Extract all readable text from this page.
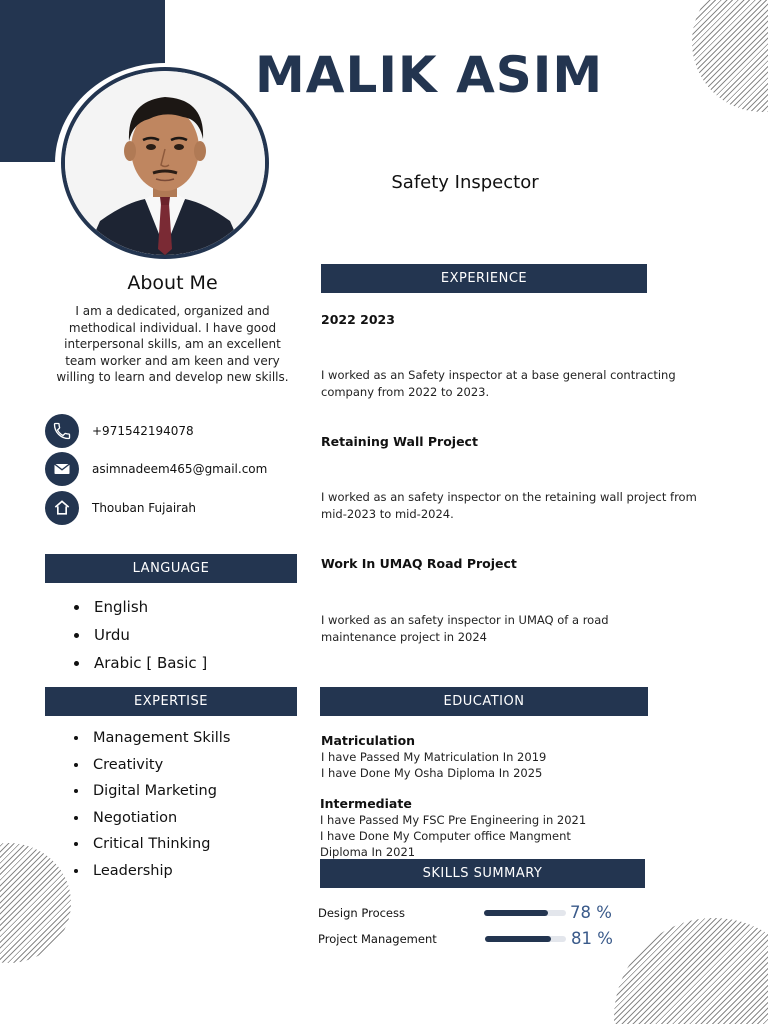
MALIK ASIM
Safety Inspector
About Me
I am a dedicated, organized and methodical individual. I have good interpersonal skills, am an excellent team worker and am keen and very willing to learn and develop new skills.
+971542194078
asimnadeem465@gmail.com
Thouban Fujairah
LANGUAGE
• English
• Urdu
• Arabic [ Basic ]
EXPERTISE
• Management Skills
• Creativity
• Digital Marketing
• Negotiation
• Critical Thinking
• Leadership
EXPERIENCE
2022 2023
I worked as an Safety inspector at a base general contracting company from 2022 to 2023.
Retaining Wall Project
I worked as an safety inspector on the retaining wall project from mid-2023 to mid-2024.
Work In UMAQ Road Project
I worked as an safety inspector in UMAQ of a road maintenance project in 2024
EDUCATION
Matriculation
I have Passed My Matriculation In 2019
I have Done My Osha Diploma In 2025
Intermediate
I have Passed My FSC Pre Engineering in 2021
I have Done My Computer office Mangment
Diploma In 2021
SKILLS SUMMARY
Design Process	78 %
Project Management	81 %
